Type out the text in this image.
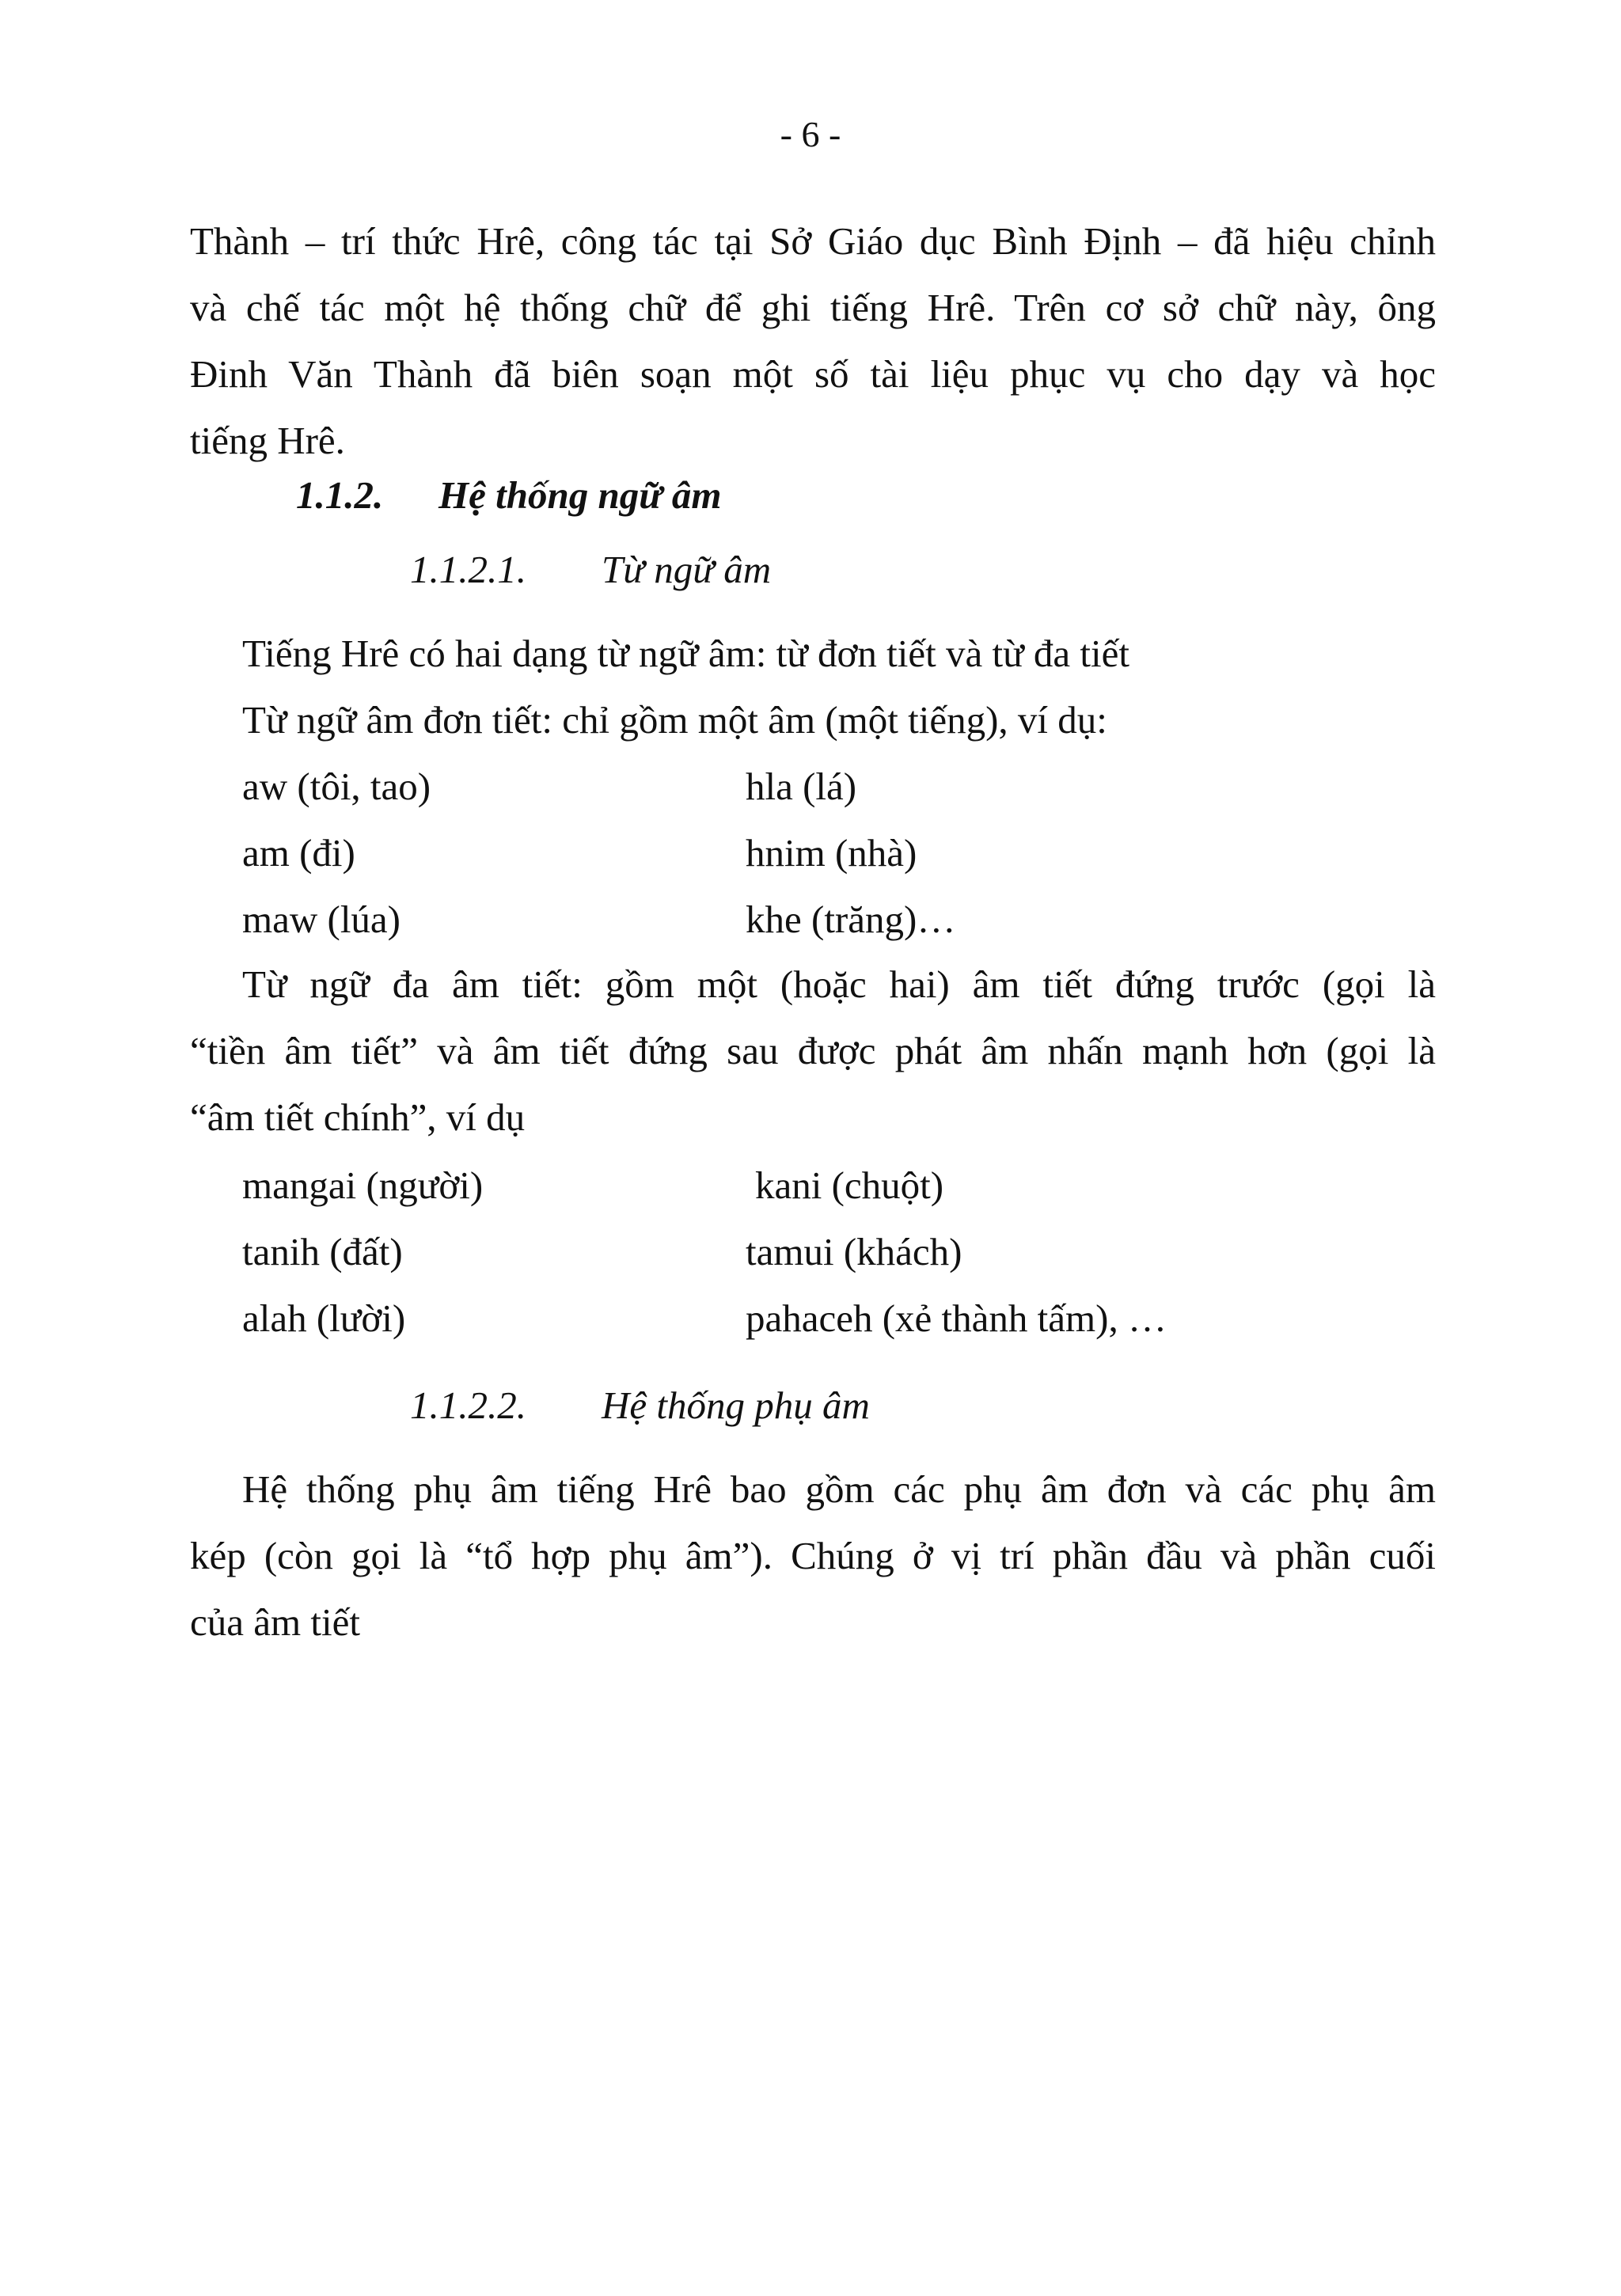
- 6 -
Thành – trí thức Hrê, công tác tại Sở Giáo dục Bình Định – đã hiệu chỉnh
và chế tác một hệ thống chữ để ghi tiếng Hrê. Trên cơ sở chữ này, ông
Đinh Văn Thành đã biên soạn một số tài liệu phục vụ cho dạy và học
tiếng Hrê.
1.1.2. Hệ thống ngữ âm
1.1.2.1. Từ ngữ âm
Tiếng Hrê có hai dạng từ ngữ âm: từ đơn tiết và từ đa tiết
Từ ngữ âm đơn tiết: chỉ gồm một âm (một tiếng), ví dụ:
aw (tôi, tao)	hla (lá)
am (đi)	hnim (nhà)
maw (lúa)	khe (trăng)…
Từ ngữ đa âm tiết: gồm một (hoặc hai) âm tiết đứng trước (gọi là
“tiền âm tiết” và âm tiết đứng sau được phát âm nhấn mạnh hơn (gọi là
“âm tiết chính”, ví dụ
mangai (người)	kani (chuột)
tanih (đất)	tamui (khách)
alah (lười)	pahaceh (xẻ thành tấm), …
1.1.2.2. Hệ thống phụ âm
Hệ thống phụ âm tiếng Hrê bao gồm các phụ âm đơn và các phụ âm
kép (còn gọi là “tổ hợp phụ âm”). Chúng ở vị trí phần đầu và phần cuối
của âm tiết
